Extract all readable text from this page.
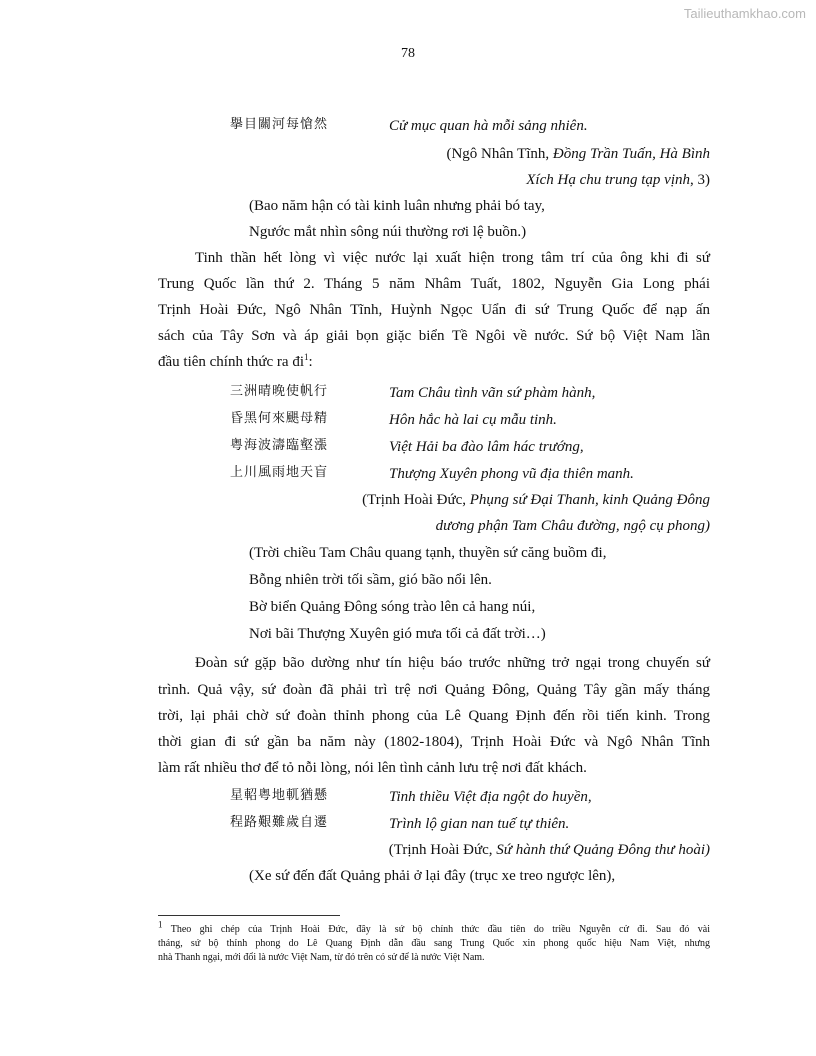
Tailieuthamkhao.com
78
擧目關河每愴然	Cử mục quan hà mỗi sảng nhiên.
(Ngô Nhân Tĩnh, Đồng Trần Tuấn, Hà Bình
Xích Hạ chu trung tạp vịnh, 3)
(Bao năm hận có tài kinh luân nhưng phải bó tay,
Ngước mắt nhìn sông núi thường rơi lệ buồn.)
Tinh thần hết lòng vì việc nước lại xuất hiện trong tâm trí của ông khi đi sứ
Trung Quốc lần thứ 2. Tháng 5 năm Nhâm Tuất, 1802, Nguyễn Gia Long phái
Trịnh Hoài Đức, Ngô Nhân Tĩnh, Huỳnh Ngọc Uẩn đi sứ Trung Quốc để nạp ấn
sách của Tây Sơn và áp giải bọn giặc biển Tề Ngôi về nước. Sứ bộ Việt Nam lần
đầu tiên chính thức ra $đi^1$:
三洲晴晚使帆行	Tam Châu tình vãn sứ phàm hành,
昏黑何來颶母精	Hôn hắc hà lai cụ mẫu tinh.
粤海波濤臨壑漲	Việt Hải ba đào lâm hác trướng,
上川風雨地天盲	Thượng Xuyên phong vũ địa thiên manh.
(Trịnh Hoài Đức, Phụng sứ Đại Thanh, kinh Quảng Đông
dương phận Tam Châu đường, ngộ cụ phong)
(Trời chiều Tam Châu quang tạnh, thuyền sứ căng buồm đi,
Bỗng nhiên trời tối sầm, gió bão nổi lên.
Bờ biển Quảng Đông sóng trào lên cả hang núi,
Nơi bãi Thượng Xuyên gió mưa tối cả đất trời…)
Đoàn sứ gặp bão dường như tín hiệu báo trước những trở ngại trong chuyến sứ
trình. Quả vậy, sứ đoàn đã phải trì trệ nơi Quảng Đông, Quảng Tây gần mấy tháng
trời, lại phải chờ sứ đoàn thỉnh phong của Lê Quang Định đến rồi tiến kinh. Trong
thời gian đi sứ gần ba năm này (1802-1804), Trịnh Hoài Đức và Ngô Nhân Tĩnh
làm rất nhiều thơ để tỏ nỗi lòng, nói lên tình cảnh lưu trệ nơi đất khách.
星軺粤地軏猶懸	Tinh thiều Việt địa ngột do huyền,
程路艱難歲自遷	Trình lộ gian nan tuế tự thiên.
(Trịnh Hoài Đức, Sứ hành thứ Quảng Đông thư hoài)
(Xe sứ đến đất Quảng phải ở lại đây (trục xe treo ngược lên),
$^1$ Theo ghi chép của Trịnh Hoài Đức, đây là sứ bộ chính thức đầu tiên do triều Nguyễn cử đi. Sau đó vài
tháng, sứ bộ thỉnh phong do Lê Quang Định dẫn đầu sang Trung Quốc xin phong quốc hiệu Nam Việt, nhưng
nhà Thanh ngại, mới đổi là nước Việt Nam, từ đó trên có sử để là nước Việt Nam.
